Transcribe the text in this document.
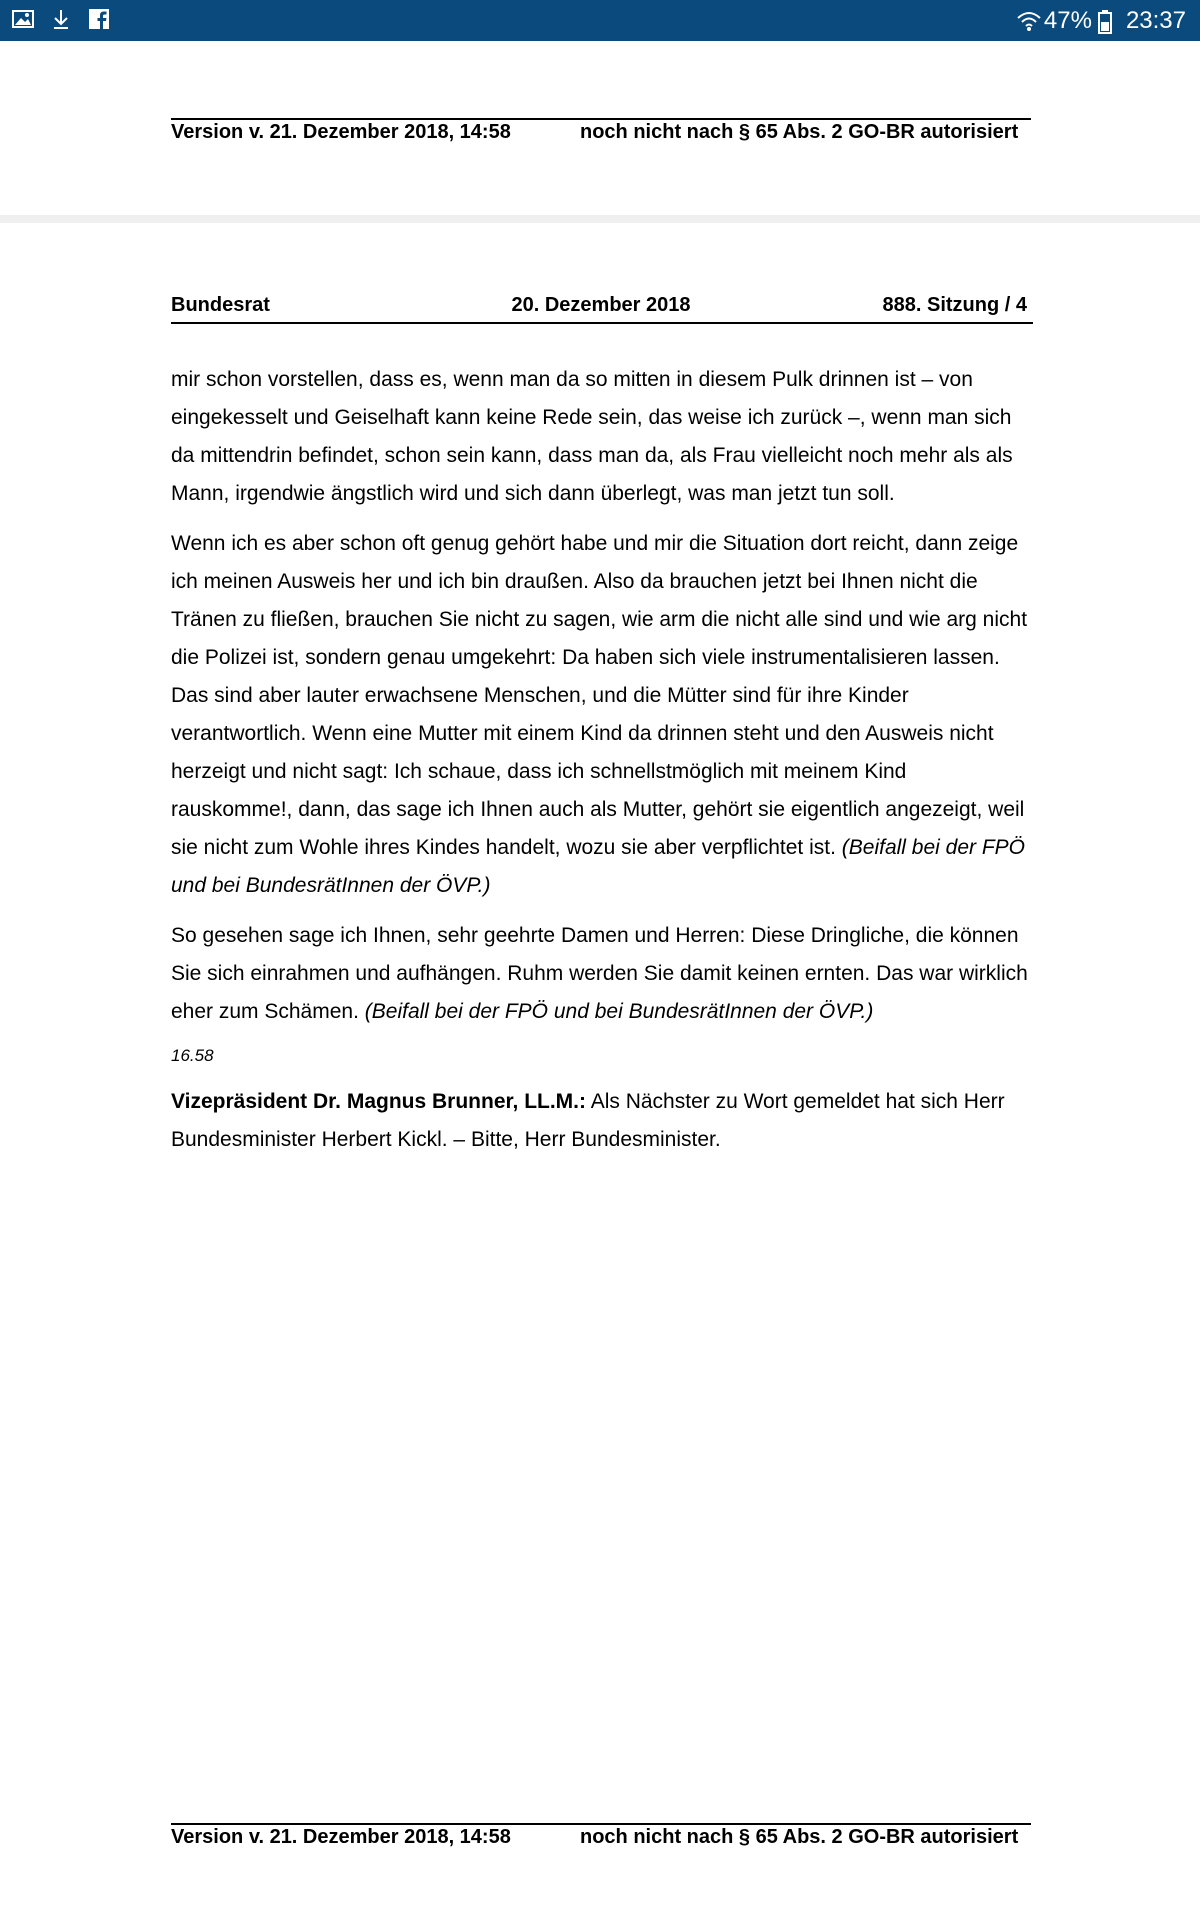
47% 23:37
Version v. 21. Dezember 2018, 14:58	noch nicht nach § 65 Abs. 2 GO-BR autorisiert
Bundesrat	20. Dezember 2018	888. Sitzung / 4

mir schon vorstellen, dass es, wenn man da so mitten in diesem Pulk drinnen ist – von eingekesselt und Geiselhaft kann keine Rede sein, das weise ich zurück –, wenn man sich da mittendrin befindet, schon sein kann, dass man da, als Frau vielleicht noch mehr als als Mann, irgendwie ängstlich wird und sich dann überlegt, was man jetzt tun soll.

Wenn ich es aber schon oft genug gehört habe und mir die Situation dort reicht, dann zeige ich meinen Ausweis her und ich bin draußen. Also da brauchen jetzt bei Ihnen nicht die Tränen zu fließen, brauchen Sie nicht zu sagen, wie arm die nicht alle sind und wie arg nicht die Polizei ist, sondern genau umgekehrt: Da haben sich viele instrumentalisieren lassen. Das sind aber lauter erwachsene Menschen, und die Mütter sind für ihre Kinder verantwortlich. Wenn eine Mutter mit einem Kind da drinnen steht und den Ausweis nicht herzeigt und nicht sagt: Ich schaue, dass ich schnellstmöglich mit meinem Kind rauskomme!, dann, das sage ich Ihnen auch als Mutter, gehört sie eigentlich angezeigt, weil sie nicht zum Wohle ihres Kindes handelt, wozu sie aber verpflichtet ist. (Beifall bei der FPÖ und bei BundesrätInnen der ÖVP.)

So gesehen sage ich Ihnen, sehr geehrte Damen und Herren: Diese Dringliche, die können Sie sich einrahmen und aufhängen. Ruhm werden Sie damit keinen ernten. Das war wirklich eher zum Schämen. (Beifall bei der FPÖ und bei BundesrätInnen der ÖVP.)

16.58

Vizepräsident Dr. Magnus Brunner, LL.M.: Als Nächster zu Wort gemeldet hat sich Herr Bundesminister Herbert Kickl. – Bitte, Herr Bundesminister.

Version v. 21. Dezember 2018, 14:58	noch nicht nach § 65 Abs. 2 GO-BR autorisiert
